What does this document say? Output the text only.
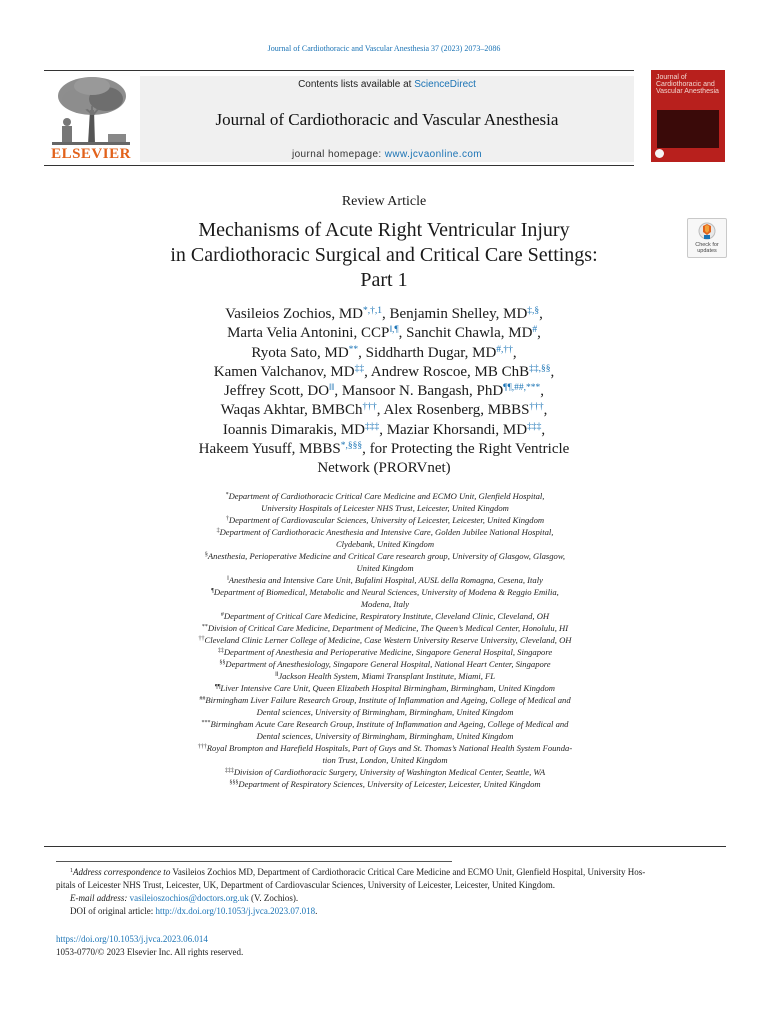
Journal of Cardiothoracic and Vascular Anesthesia 37 (2023) 2073–2086
ELSEVIER
Contents lists available at ScienceDirect
Journal of Cardiothoracic and Vascular Anesthesia
journal homepage: www.jcvaonline.com
Journal of Cardiothoracic and Vascular Anesthesia
Review Article
Mechanisms of Acute Right Ventricular Injury
in Cardiothoracic Surgical and Critical Care Settings:
Part 1
Check for updates
Vasileios Zochios, $MD^{*,\dagger,1}$, Benjamin Shelley, MD‡,§,
Marta Velia Antonini, CCP‖,¶, Sanchit Chawla, MD#,
Ryota Sato, MD**, Siddharth Dugar, MD#,††,
Kamen Valchanov, MD‡‡, Andrew Roscoe, MB ChB‡‡,§§,
Jeffrey Scott, DO‖‖, Mansoor N. Bangash, PhD¶¶,##,***,
Waqas Akhtar, BMBCh†††, Alex Rosenberg, MBBS†††,
Ioannis Dimarakis, MD‡‡‡, Maziar Khorsandi, MD‡‡‡,
Hakeem Yusuff, MBBS*,§§§, for Protecting the Right Ventricle
Network (PRORVnet)
*Department of Cardiothoracic Critical Care Medicine and ECMO Unit, Glenfield Hospital,
University Hospitals of Leicester NHS Trust, Leicester, United Kingdom
†Department of Cardiovascular Sciences, University of Leicester, Leicester, United Kingdom
‡Department of Cardiothoracic Anesthesia and Intensive Care, Golden Jubilee National Hospital,
Clydebank, United Kingdom
§Anesthesia, Perioperative Medicine and Critical Care research group, University of Glasgow, Glasgow,
United Kingdom
‖Anesthesia and Intensive Care Unit, Bufalini Hospital, AUSL della Romagna, Cesena, Italy
¶Department of Biomedical, Metabolic and Neural Sciences, University of Modena & Reggio Emilia,
Modena, Italy
#Department of Critical Care Medicine, Respiratory Institute, Cleveland Clinic, Cleveland, OH
**Division of Critical Care Medicine, Department of Medicine, The Queen’s Medical Center, Honolulu, HI
††Cleveland Clinic Lerner College of Medicine, Case Western University Reserve University, Cleveland, OH
‡‡Department of Anesthesia and Perioperative Medicine, Singapore General Hospital, Singapore
§§Department of Anesthesiology, Singapore General Hospital, National Heart Center, Singapore
‖‖Jackson Health System, Miami Transplant Institute, Miami, FL
¶¶Liver Intensive Care Unit, Queen Elizabeth Hospital Birmingham, Birmingham, United Kingdom
##Birmingham Liver Failure Research Group, Institute of Inflammation and Ageing, College of Medical and
Dental sciences, University of Birmingham, Birmingham, United Kingdom
***Birmingham Acute Care Research Group, Institute of Inflammation and Ageing, College of Medical and
Dental sciences, University of Birmingham, Birmingham, United Kingdom
†††Royal Brompton and Harefield Hospitals, Part of Guys and St. Thomas’s National Health System Founda-
tion Trust, London, United Kingdom
‡‡‡Division of Cardiothoracic Surgery, University of Washington Medical Center, Seattle, WA
§§§Department of Respiratory Sciences, University of Leicester, Leicester, United Kingdom
$^1$Address correspondence to Vasileios Zochios MD, Department of Cardiothoracic Critical Care Medicine and ECMO Unit, Glenfield Hospital, University Hos-
pitals of Leicester NHS Trust, Leicester, UK, Department of Cardiovascular Sciences, University of Leicester, Leicester, United Kingdom.
E-mail address: vasileioszochios@doctors.org.uk (V. Zochios).
DOI of original article: http://dx.doi.org/10.1053/j.jvca.2023.07.018.
https://doi.org/10.1053/j.jvca.2023.06.014
1053-0770/© 2023 Elsevier Inc. All rights reserved.
